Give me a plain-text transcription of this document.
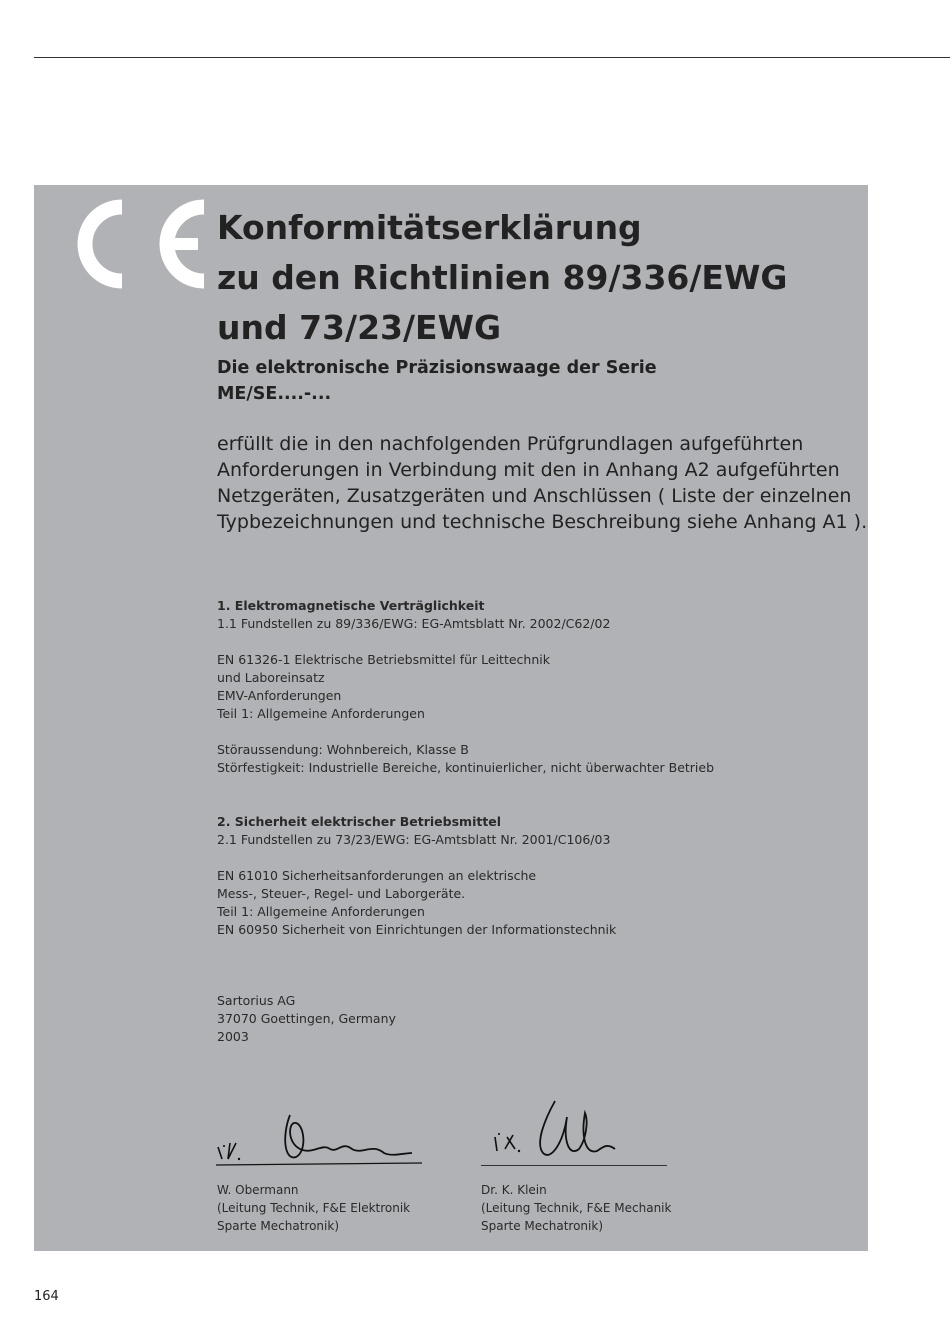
Konformitätserklärung
zu den Richtlinien 89/336/EWG
und 73/23/EWG
Die elektronische Präzisionswaage der Serie
ME/SE....-...
erfüllt die in den nachfolgenden Prüfgrundlagen aufgeführten
Anforderungen in Verbindung mit den in Anhang A2 aufgeführten
Netzgeräten, Zusatzgeräten und Anschlüssen ( Liste der einzelnen
Typbezeichnungen und technische Beschreibung siehe Anhang A1 ).
1. Elektromagnetische Verträglichkeit
1.1 Fundstellen zu 89/336/EWG: EG-Amtsblatt Nr. 2002/C62/02
EN 61326-1 Elektrische Betriebsmittel für Leittechnik
und Laboreinsatz
EMV-Anforderungen
Teil 1: Allgemeine Anforderungen
Störaussendung: Wohnbereich, Klasse B
Störfestigkeit: Industrielle Bereiche, kontinuierlicher, nicht überwachter Betrieb
2. Sicherheit elektrischer Betriebsmittel
2.1 Fundstellen zu 73/23/EWG: EG-Amtsblatt Nr. 2001/C106/03
EN 61010 Sicherheitsanforderungen an elektrische
Mess-, Steuer-, Regel- und Laborgeräte.
Teil 1: Allgemeine Anforderungen
EN 60950 Sicherheit von Einrichtungen der Informationstechnik
Sartorius AG
37070 Goettingen, Germany
2003
W. Obermann
(Leitung Technik, F&E Elektronik
Sparte Mechatronik)
Dr. K. Klein
(Leitung Technik, F&E Mechanik
Sparte Mechatronik)
164
